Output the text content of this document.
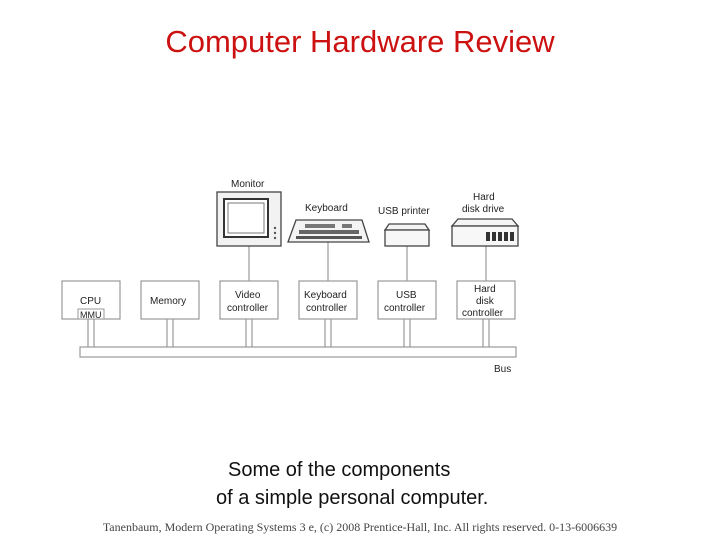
Computer Hardware Review
Bus
CPU
MMU
Memory
Video
controller
Keyboard
controller
USB
controller
Hard
disk
controller
Monitor
Keyboard	USB printer
Hard
disk drive
Some of the components
of a simple personal computer.
Tanenbaum, Modern Operating Systems 3 e, (c) 2008 Prentice-Hall, Inc. All rights reserved. 0-13-6006639
